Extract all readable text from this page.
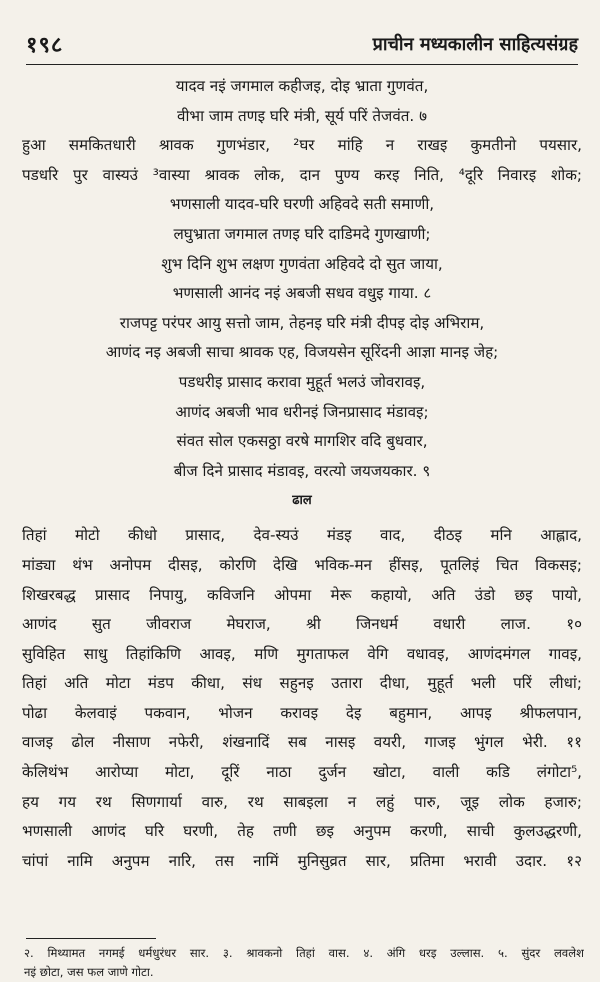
१९८	प्राचीन मध्यकालीन साहित्यसंग्रह
यादव नइं जगमाल कहीजइ, दोइ भ्राता गुणवंत,
वीभा जाम तणइ घरि मंत्री, सूर्य परिं तेजवंत. ७
हुआ समकितधारी श्रावक गुणभंडार, ²घर मांहि न राखइ कुमतीनो पयसार,
पडधरि पुर वास्यउं ³वास्या श्रावक लोक, दान पुण्य करइ निति, ⁴दूरि निवारइ शोक;
भणसाली यादव-घरि घरणी अहिवदे सती समाणी,
लघुभ्राता जगमाल तणइ घरि दाडिमदे गुणखाणी;
शुभ दिनि शुभ लक्षण गुणवंता अहिवदे दो सुत जाया,
भणसाली आनंद नइं अबजी सधव वधुइ गाया. ८
राजपट्ट परंपर आयु सत्तो जाम, तेहनइ घरि मंत्री दीपइ दोइ अभिराम,
आणंद नइ अबजी साचा श्रावक एह, विजयसेन सूरिंदनी आज्ञा मानइ जेह;
पडधरीइ प्रासाद करावा मुहूर्त भलउं जोवरावइ,
आणंद अबजी भाव धरीनइं जिनप्रासाद मंडावइ;
संवत सोल एकसठ्ठा वरषे मागशिर वदि बुधवार,
बीज दिने प्रासाद मंडावइ, वरत्यो जयजयकार. ९
ढाल
तिहां मोटो कीधो प्रासाद, देव-स्यउं मंडइ वाद, दीठइ मनि आह्लाद,
मांड्या थंभ अनोपम दीसइ, कोरणि देखि भविक-मन हींसइ, पूतलिइं चित विकसइ;
शिखरबद्ध प्रासाद निपायु, कविजनि ओपमा मेरू कहायो, अति उंडो छइ पायो,
आणंद सुत जीवराज मेघराज, श्री जिनधर्म वधारी लाज. १०
सुविहित साधु तिहांकिणि आवइ, मणि मुगताफल वेगि वधावइ, आणंदमंगल गावइ,
तिहां अति मोटा मंडप कीधा, संध सहुनइ उतारा दीधा, मुहूर्त भली परिं लीधां;
पोढा केलवाइं पकवान, भोजन करावइ देइ बहुमान, आपइ श्रीफलपान,
वाजइ ढोल नीसाण नफेरी, शंखनादिं सब नासइ वयरी, गाजइ भुंगल भेरी. ११
केलिथंभ आरोप्या मोटा, दूरिं नाठा दुर्जन खोटा, वाली कडि लंगोटा⁵,
हय गय रथ सिणगार्या वारु, रथ साबइला न लहुं पारु, जूइ लोक हजारु;
भणसाली आणंद घरि घरणी, तेह तणी छइ अनुपम करणी, साची कुलउद्धरणी,
चांपां नामि अनुपम नारि, तस नामिं मुनिसुव्रत सार, प्रतिमा भरावी उदार. १२
२. मिथ्यामत नगमई धर्मधुरंधर सार. ३. श्रावकनो तिहां वास. ४. अंगि धरइ उल्लास. ५. सुंदर लवलेश
नइं छोटा, जस फल जाणे गोटा.
